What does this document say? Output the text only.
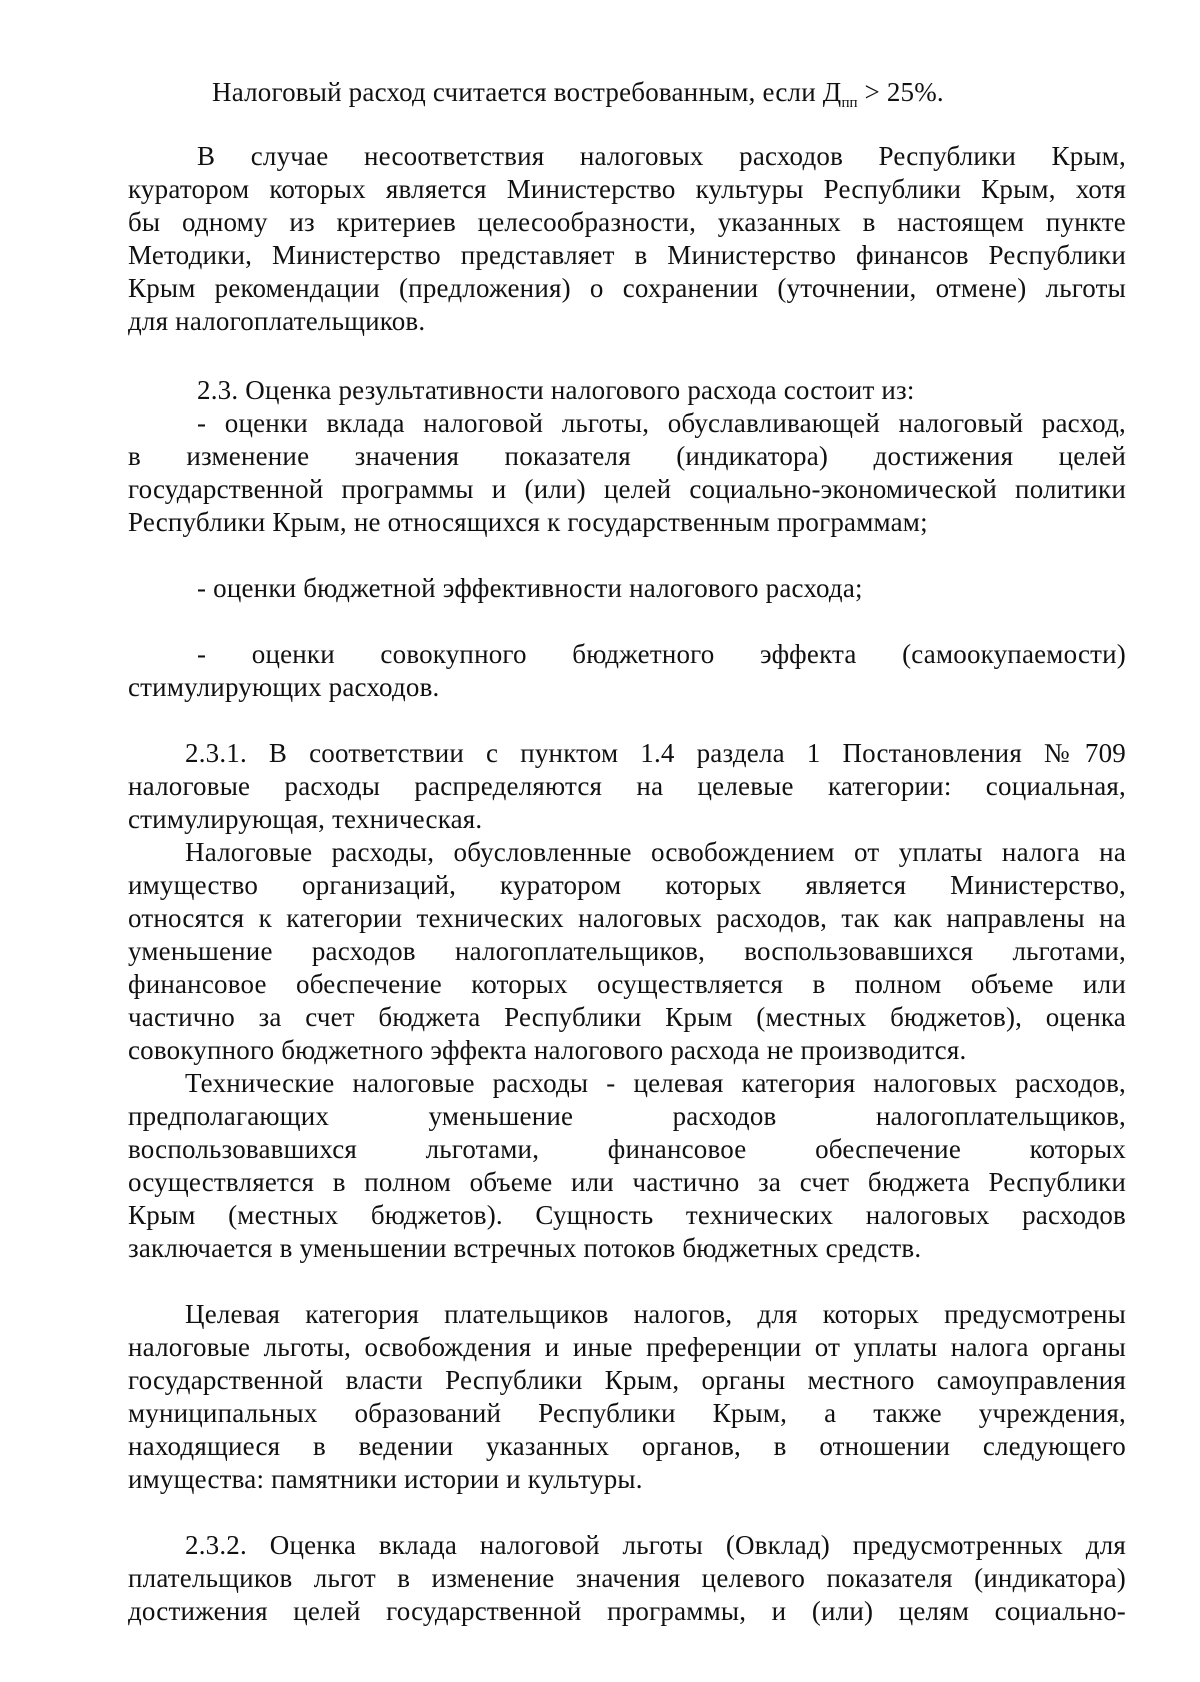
Налоговый расход считается востребованным, если $Д_{пп} > 25\%$.
В случае несоответствия налоговых расходов Республики Крым,
куратором которых является Министерство культуры Республики Крым, хотя
бы одному из критериев целесообразности, указанных в настоящем пункте
Методики, Министерство представляет в Министерство финансов Республики
Крым рекомендации (предложения) о сохранении (уточнении, отмене) льготы
для налогоплательщиков.
2.3. Оценка результативности налогового расхода состоит из:
- оценки вклада налоговой льготы, обуславливающей налоговый расход,
в изменение значения показателя (индикатора) достижения целей
государственной программы и (или) целей социально-экономической политики
Республики Крым, не относящихся к государственным программам;
- оценки бюджетной эффективности налогового расхода;
- оценки совокупного бюджетного эффекта (самоокупаемости)
стимулирующих расходов.
2.3.1. В соответствии с пунктом 1.4 раздела 1 Постановления №709
налоговые расходы распределяются на целевые категории: социальная,
стимулирующая, техническая.
Налоговые расходы, обусловленные освобождением от уплаты налога на
имущество организаций, куратором которых является Министерство,
относятся к категории технических налоговых расходов, так как направлены на
уменьшение расходов налогоплательщиков, воспользовавшихся льготами,
финансовое обеспечение которых осуществляется в полном объеме или
частично за счет бюджета Республики Крым (местных бюджетов), оценка
совокупного бюджетного эффекта налогового расхода не производится.
Технические налоговые расходы - целевая категория налоговых расходов,
предполагающих уменьшение расходов налогоплательщиков,
воспользовавшихся льготами, финансовое обеспечение которых
осуществляется в полном объеме или частично за счет бюджета Республики
Крым (местных бюджетов). Сущность технических налоговых расходов
заключается в уменьшении встречных потоков бюджетных средств.
Целевая категория плательщиков налогов, для которых предусмотрены
налоговые льготы, освобождения и иные преференции от уплаты налога органы
государственной власти Республики Крым, органы местного самоуправления
муниципальных образований Республики Крым, а также учреждения,
находящиеся в ведении указанных органов, в отношении следующего
имущества: памятники истории и культуры.
2.3.2. Оценка вклада налоговой льготы (Овклад) предусмотренных для
плательщиков льгот в изменение значения целевого показателя (индикатора)
достижения целей государственной программы, и (или) целям социально-
